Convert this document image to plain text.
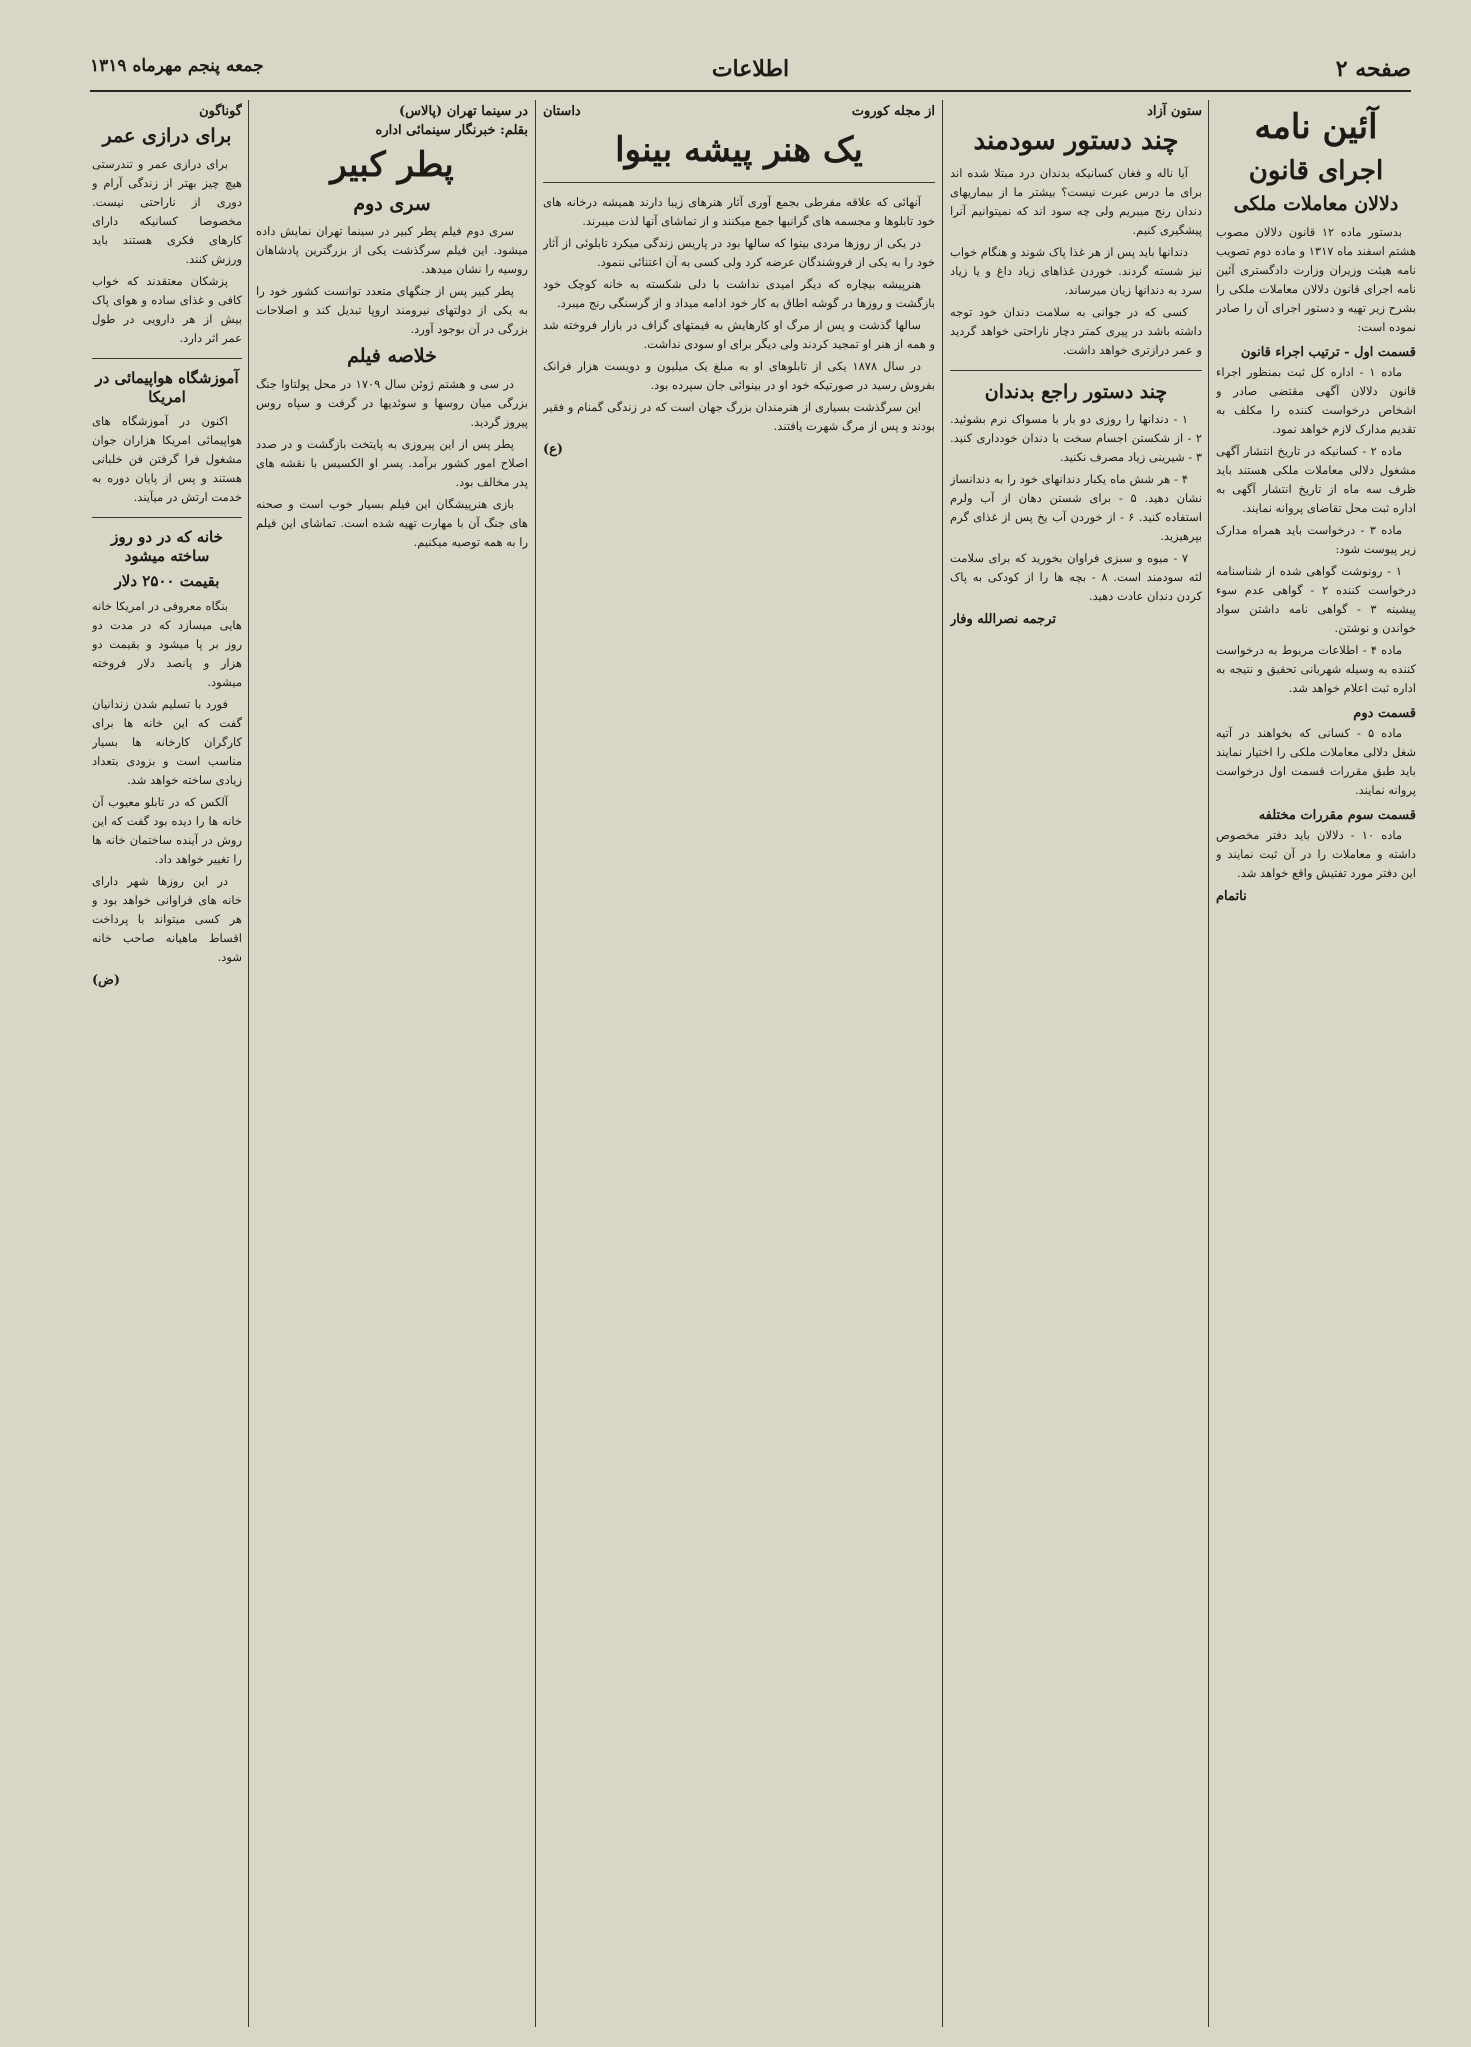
جمعه پنجم مهرماه ۱۳۱۹	اطلاعات	صفحه ۲
آئین نامه
اجرای قانون
دلالان معاملات ملکی

بدستور ماده ۱۲ قانون دلالان مصوب هشتم اسفند ماه ۱۳۱۷ و ماده دوم تصویب نامه هیئت وزیران وزارت دادگستری آئین نامه اجرای قانون دلالان معاملات ملکی را بشرح زیر تهیه و دستور اجرای آن را صادر نموده است:

قسمت اول - ترتیب اجراء قانون

ماده ۱ - اداره کل ثبت بمنظور اجراء قانون دلالان آگهی مقتضی صادر و اشخاص درخواست کننده را مکلف به تقدیم مدارک لازم خواهد نمود.

ماده ۲ - کسانیکه در تاریخ انتشار آگهی مشغول دلالی معاملات ملکی هستند باید ظرف سه ماه از تاریخ انتشار آگهی به اداره ثبت محل تقاضای پروانه نمایند.

ماده ۳ - درخواست باید همراه مدارک زیر پیوست شود:

۱ - رونوشت گواهی شده از شناسنامه درخواست کننده ۲ - گواهی عدم سوء پیشینه ۳ - گواهی نامه داشتن سواد خواندن و نوشتن.

ماده ۴ - اطلاعات مربوط به درخواست کننده به وسیله شهربانی تحقیق و نتیجه به اداره ثبت اعلام خواهد شد.

قسمت دوم

ماده ۵ - کسانی که بخواهند در آتیه شغل دلالی معاملات ملکی را اختیار نمایند باید طبق مقررات قسمت اول درخواست پروانه نمایند.

قسمت سوم مقررات مختلفه

ماده ۱۰ - دلالان باید دفتر مخصوص داشته و معاملات را در آن ثبت نمایند و این دفتر مورد تفتیش واقع خواهد شد.

ناتمام
ستون آزاد
چند دستور سودمند

آیا ناله و فغان کسانیکه بدندان درد مبتلا شده اند برای ما درس عبرت نیست؟ بیشتر ما از بیماریهای دندان رنج میبریم ولی چه سود اند که نمیتوانیم آنرا پیشگیری کنیم.

دندانها باید پس از هر غذا پاک شوند و هنگام خواب نیز شسته گردند. خوردن غذاهای زیاد داغ و یا زیاد سرد به دندانها زیان میرساند.

کسی که در جوانی به سلامت دندان خود توجه داشته باشد در پیری کمتر دچار ناراحتی خواهد گردید و عمر درازتری خواهد داشت.

چند دستور راجع بدندان

۱ - دندانها را روزی دو بار با مسواک نرم بشوئید. ۲ - از شکستن اجسام سخت با دندان خودداری کنید. ۳ - شیرینی زیاد مصرف نکنید.

۴ - هر شش ماه یکبار دندانهای خود را به دندانساز نشان دهید. ۵ - برای شستن دهان از آب ولرم استفاده کنید. ۶ - از خوردن آب یخ پس از غذای گرم بپرهیزید.

۷ - میوه و سبزی فراوان بخورید که برای سلامت لثه سودمند است. ۸ - بچه ها را از کودکی به پاک کردن دندان عادت دهید.

ترجمه نصرالله وفار
از مجله کوروت
داستان
یک هنر پیشه بینوا

آنهائی که علاقه مفرطی بجمع آوری آثار هنرهای زیبا دارند همیشه درخانه های خود تابلوها و مجسمه های گرانبها جمع میکنند و از تماشای آنها لذت میبرند.

در یکی از روزها مردی بینوا که سالها بود در پاریس زندگی میکرد تابلوئی از آثار خود را به یکی از فروشندگان عرضه کرد ولی کسی به آن اعتنائی ننمود.

هنرپیشه بیچاره که دیگر امیدی نداشت با دلی شکسته به خانه کوچک خود بازگشت و روزها در گوشه اطاق به کار خود ادامه میداد و از گرسنگی رنج میبرد.

سالها گذشت و پس از مرگ او کارهایش به قیمتهای گزاف در بازار فروخته شد و همه از هنر او تمجید کردند ولی دیگر برای او سودی نداشت.

در سال ۱۸۷۸ یکی از تابلوهای او به مبلغ یک میلیون و دویست هزار فرانک بفروش رسید در صورتیکه خود او در بینوائی جان سپرده بود.

این سرگذشت بسیاری از هنرمندان بزرگ جهان است که در زندگی گمنام و فقیر بودند و پس از مرگ شهرت یافتند.

(ع)
در سینما تهران (پالاس)
بقلم: خبرنگار سینمائی اداره
پطر کبیر
سری دوم

سری دوم فیلم پطر کبیر در سینما تهران نمایش داده میشود. این فیلم سرگذشت یکی از بزرگترین پادشاهان روسیه را نشان میدهد.

پطر کبیر پس از جنگهای متعدد توانست کشور خود را به یکی از دولتهای نیرومند اروپا تبدیل کند و اصلاحات بزرگی در آن بوجود آورد.

خلاصه فیلم

در سی و هشتم ژوئن سال ۱۷۰۹ در محل پولتاوا جنگ بزرگی میان روسها و سوئدیها در گرفت و سپاه روس پیروز گردید.

پطر پس از این پیروزی به پایتخت بازگشت و در صدد اصلاح امور کشور برآمد. پسر او الکسیس با نقشه های پدر مخالف بود.

بازی هنرپیشگان این فیلم بسیار خوب است و صحنه های جنگ آن با مهارت تهیه شده است. تماشای این فیلم را به همه توصیه میکنیم.

گوناگون
برای درازی عمر

برای درازی عمر و تندرستی هیچ چیز بهتر از زندگی آرام و دوری از ناراحتی نیست. مخصوصا کسانیکه دارای کارهای فکری هستند باید ورزش کنند.

پزشکان معتقدند که خواب کافی و غذای ساده و هوای پاک بیش از هر دارویی در طول عمر اثر دارد.

آموزشگاه هواپیمائی در امریکا

اکنون در آموزشگاه های هواپیمائی امریکا هزاران جوان مشغول فرا گرفتن فن خلبانی هستند و پس از پایان دوره به خدمت ارتش در میآیند.

خانه که در دو روز ساخته میشود
بقیمت ۲۵۰۰ دلار

بنگاه معروفی در امریکا خانه هایی میسازد که در مدت دو روز بر پا میشود و بقیمت دو هزار و پانصد دلار فروخته میشود.

فورد با تسلیم شدن زندانیان گفت که این خانه ها برای کارگران کارخانه ها بسیار مناسب است و بزودی بتعداد زیادی ساخته خواهد شد.

آلکس که در تابلو معیوب آن خانه ها را دیده بود گفت که این روش در آینده ساختمان خانه ها را تغییر خواهد داد.

در این روزها شهر دارای خانه های فراوانی خواهد بود و هر کسی میتواند با پرداخت اقساط ماهیانه صاحب خانه شود.

(ض)
